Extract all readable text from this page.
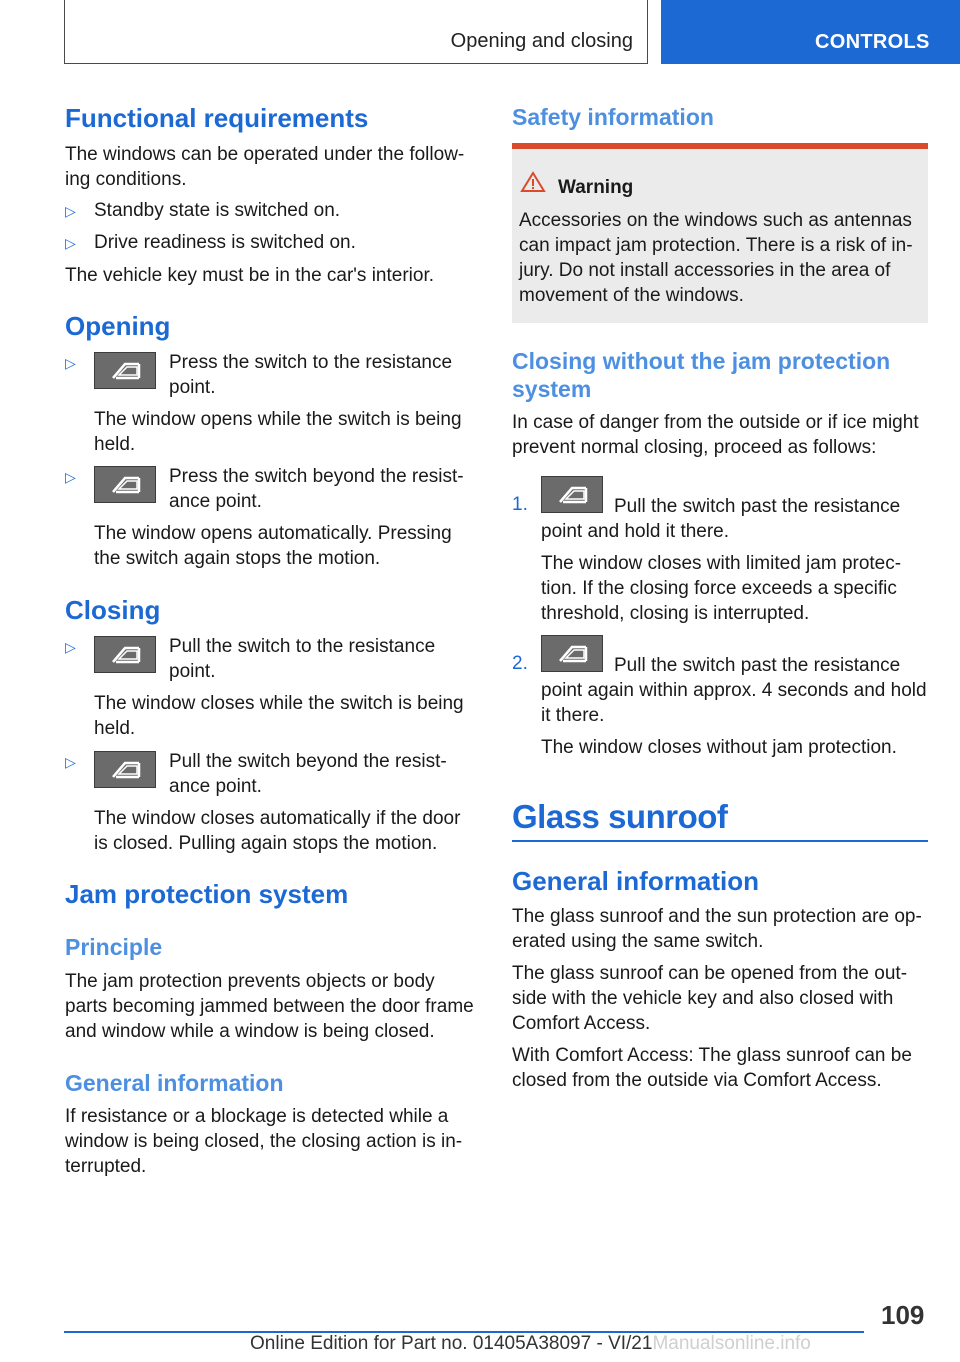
Opening and closing	CONTROLS
Functional requirements

The windows can be operated under the follow-

ing conditions.

▷ Standby state is switched on.

▷ Drive readiness is switched on.

The vehicle key must be in the car's interior.

Opening
▷	Press the switch to the resistance

point.

The window opens while the switch is being

held.

▷	Press the switch beyond the resist-

ance point.

The window opens automatically. Pressing

the switch again stops the motion.

Closing
▷	Pull the switch to the resistance

point.

The window closes while the switch is being

held.

▷	Pull the switch beyond the resist-

ance point.

The window closes automatically if the door

is closed. Pulling again stops the motion.

Jam protection system
Principle

The jam protection prevents objects or body

parts becoming jammed between the door frame

and window while a window is being closed.

General information

If resistance or a blockage is detected while a

window is being closed, the closing action is in-

terrupted.

Safety information
Warning

Accessories on the windows such as antennas

can impact jam protection. There is a risk of in-

jury. Do not install accessories in the area of

movement of the windows.

Closing without the jam protection
system

In case of danger from the outside or if ice might

prevent normal closing, proceed as follows:

1.	Pull the switch past the resistance

point and hold it there.

The window closes with limited jam protec-

tion. If the closing force exceeds a specific

threshold, closing is interrupted.

2.	Pull the switch past the resistance

point again within approx. 4 seconds and hold

it there.

The window closes without jam protection.

Glass sunroof
General information

The glass sunroof and the sun protection are op-

erated using the same switch.

The glass sunroof can be opened from the out-

side with the vehicle key and also closed with

Comfort Access.

With Comfort Access: The glass sunroof can be

closed from the outside via Comfort Access.

109
Online Edition for Part no. 01405A38097 - VI/21Manualsonline.info
